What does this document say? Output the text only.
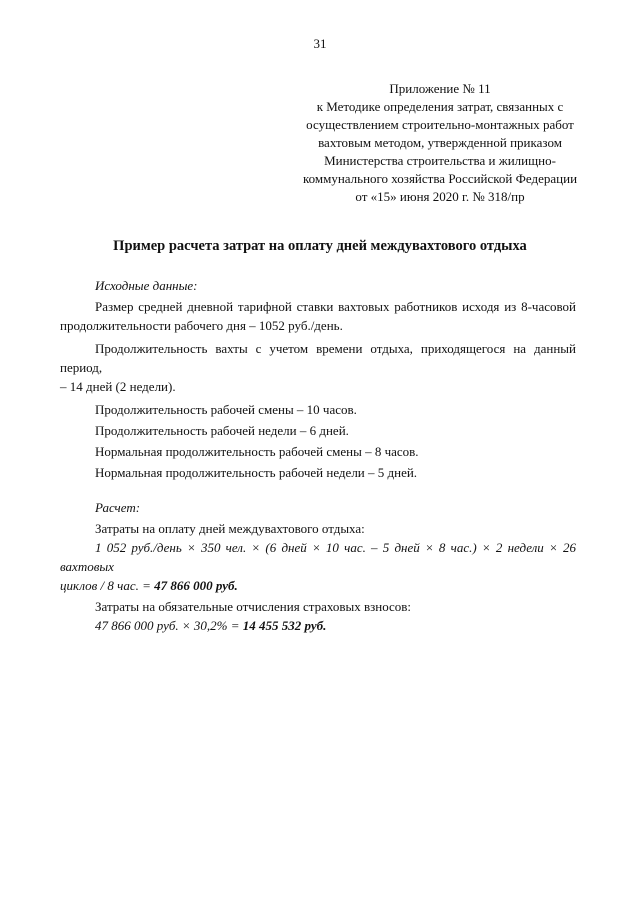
31
Приложение № 11
к Методике определения затрат, связанных с
осуществлением строительно-монтажных работ
вахтовым методом, утвержденной приказом
Министерства строительства и жилищно-
коммунального хозяйства Российской Федерации
от «15» июня 2020 г. № 318/пр
Пример расчета затрат на оплату дней междувахтового отдыха

Исходные данные:

Размер средней дневной тарифной ставки вахтовых работников исходя из 8-часовой

продолжительности рабочего дня – 1052 руб./день.

Продолжительность вахты с учетом времени отдыха, приходящегося на данный период,

– 14 дней (2 недели).

Продолжительность рабочей смены – 10 часов.

Продолжительность рабочей недели – 6 дней.

Нормальная продолжительность рабочей смены – 8 часов.

Нормальная продолжительность рабочей недели – 5 дней.

Расчет:

Затраты на оплату дней междувахтового отдыха:

1 052 руб./день × 350 чел. × (6 дней × 10 час. – 5 дней × 8 час.) × 2 недели × 26 вахтовых

циклов / 8 час. = 47 866 000 руб.

Затраты на обязательные отчисления страховых взносов:

47 866 000 руб. × 30,2% = 14 455 532 руб.
